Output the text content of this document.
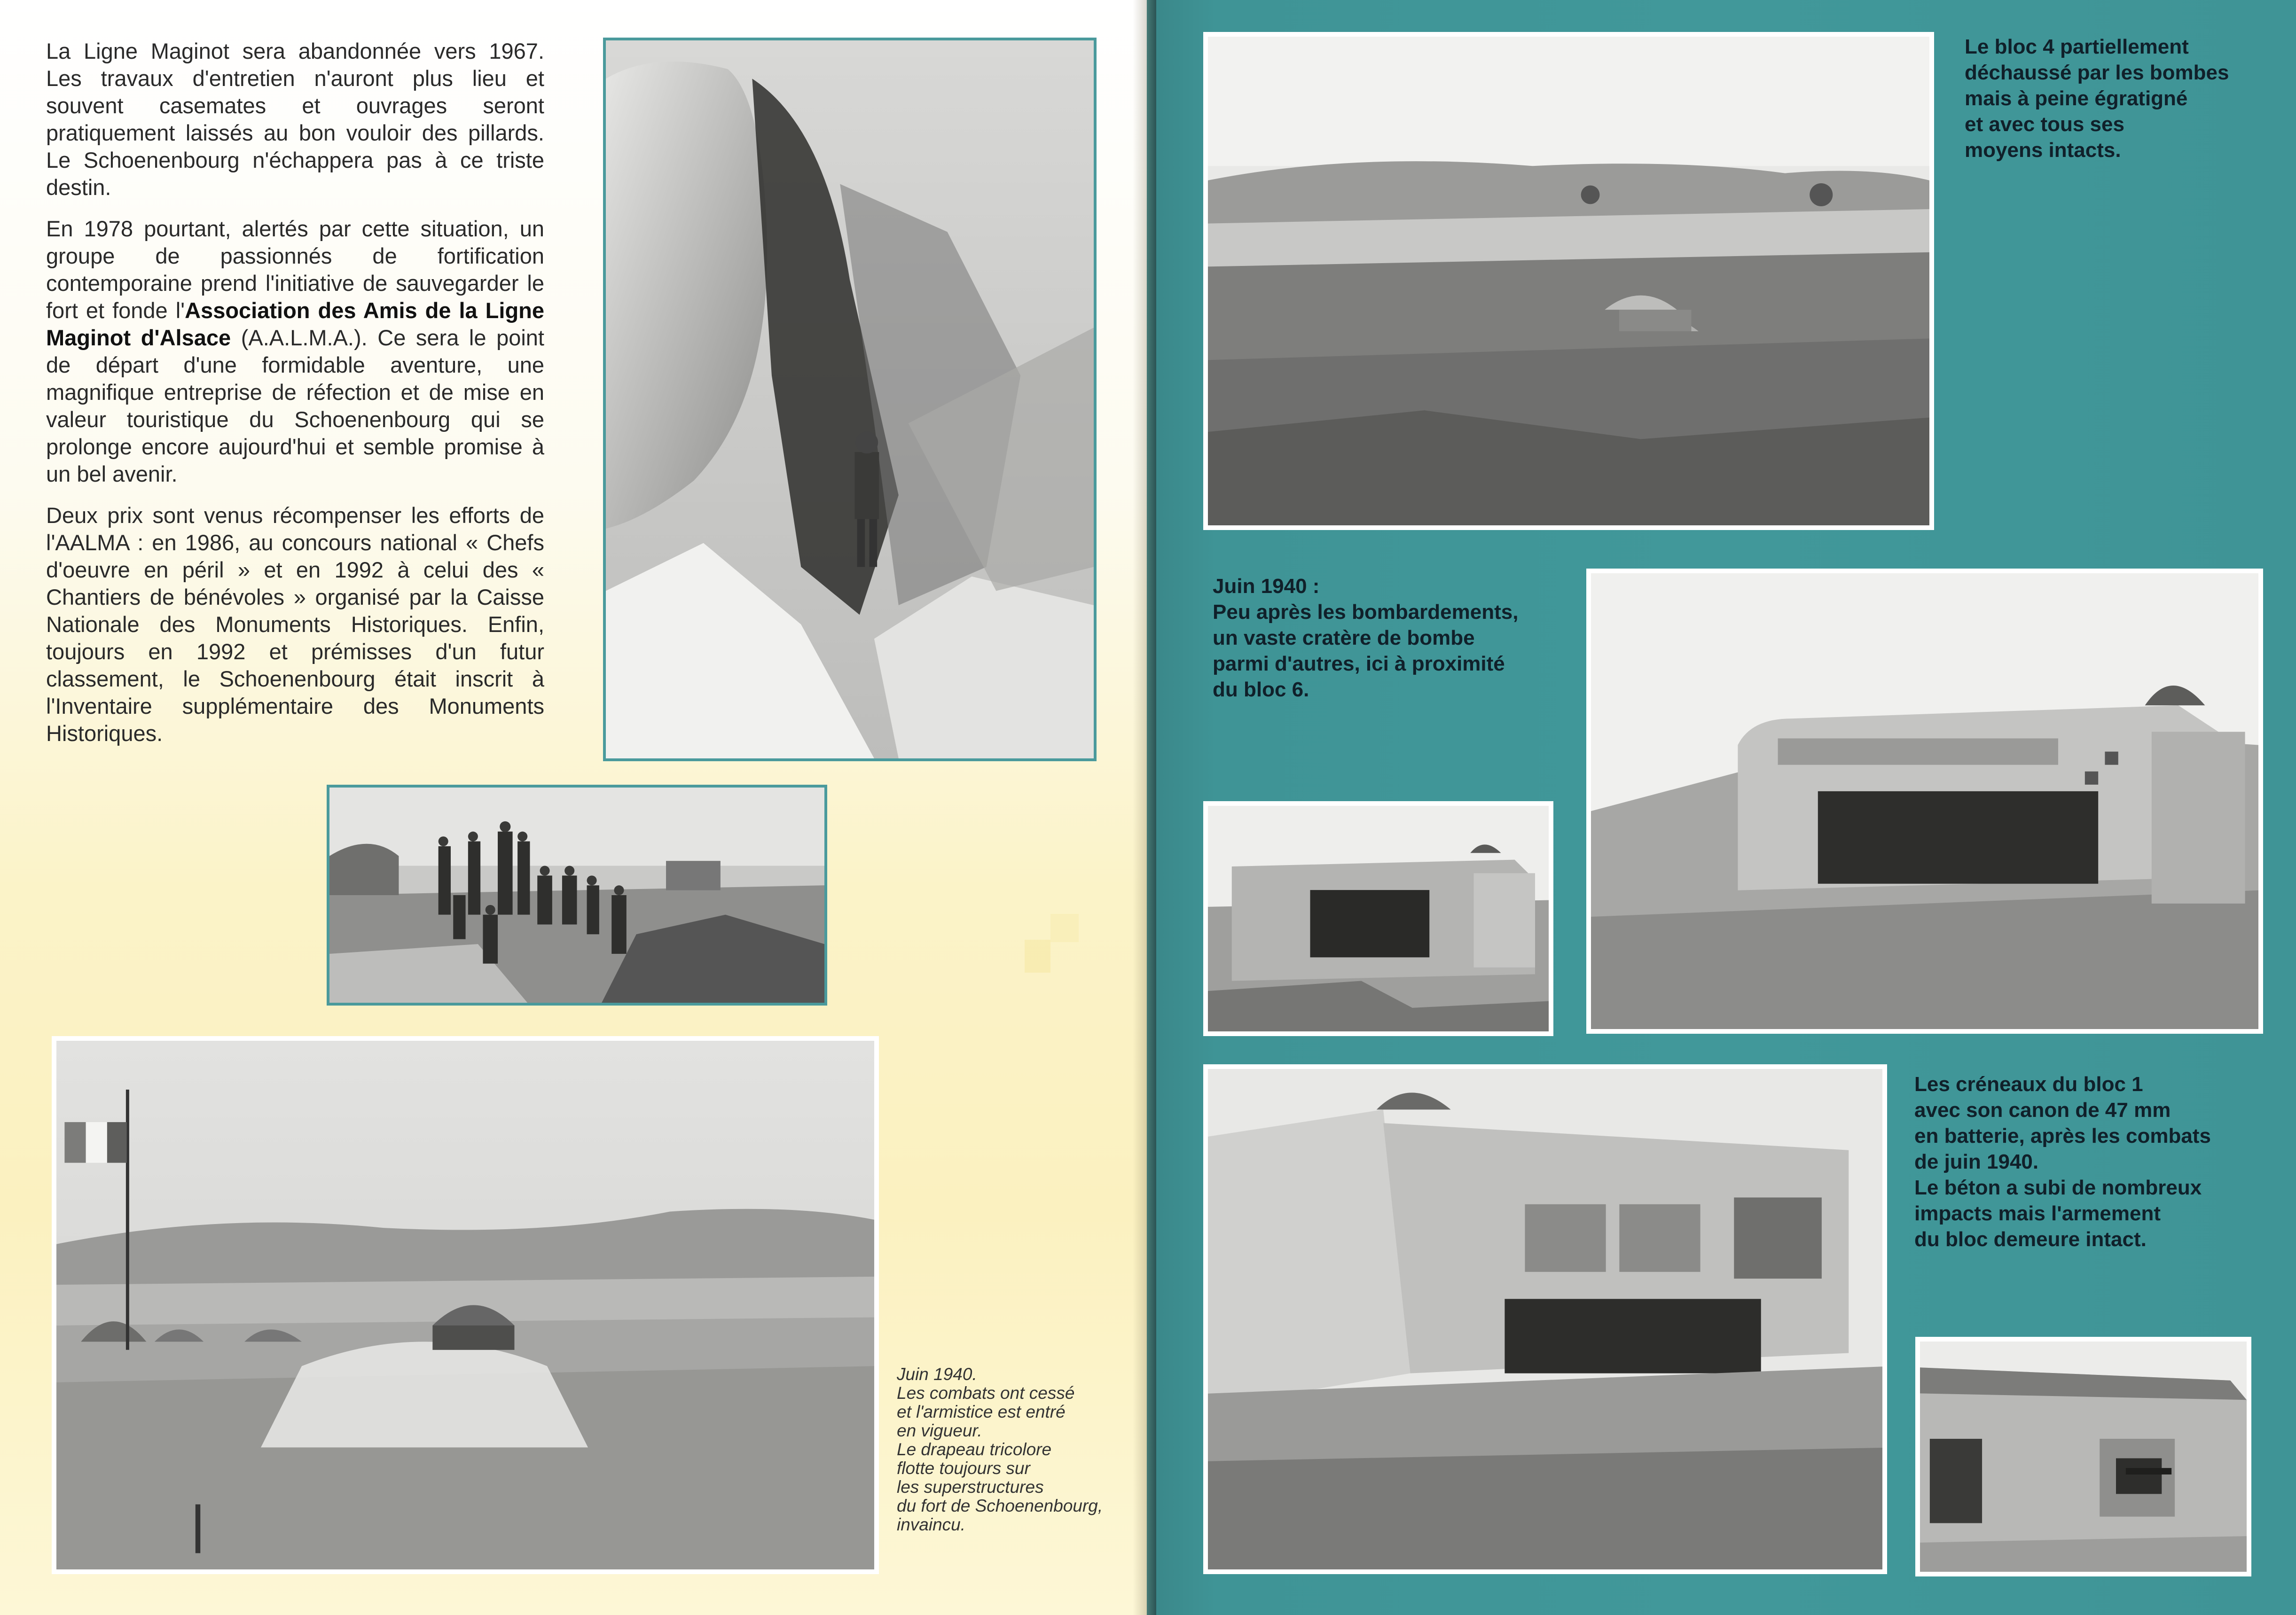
La Ligne Maginot sera abandonnée vers 1967. Les travaux d'entretien n'auront plus lieu et souvent casemates et ouvrages seront pratiquement laissés au bon vouloir des pillards. Le Schoenenbourg n'échappera pas à ce triste destin.

En 1978 pourtant, alertés par cette situation, un groupe de passionnés de fortification contemporaine prend l'initiative de sauvegarder le fort et fonde l'Association des Amis de la Ligne Maginot d'Alsace (A.A.L.M.A.). Ce sera le point de départ d'une formidable aventure, une magnifique entreprise de réfection et de mise en valeur touristique du Schoenenbourg qui se prolonge encore aujourd'hui et semble promise à un bel avenir.

Deux prix sont venus récompenser les efforts de l'AALMA : en 1986, au concours national « Chefs d'oeuvre en péril » et en 1992 à celui des « Chantiers de bénévoles » organisé par la Caisse Nationale des Monuments Historiques. Enfin, toujours en 1992 et prémisses d'un futur classement, le Schoenenbourg était inscrit à l'Inventaire supplémentaire des Monuments Historiques.

Juin 1940.
Les combats ont cessé
et l'armistice est entré
en vigueur.
Le drapeau tricolore
flotte toujours sur
les superstructures
du fort de Schoenenbourg,
invaincu.
Le bloc 4 partiellement
déchaussé par les bombes
mais à peine égratigné
et avec tous ses
moyens intacts.
Juin 1940 :
Peu après les bombardements,
un vaste cratère de bombe
parmi d'autres, ici à proximité
du bloc 6.
Les créneaux du bloc 1
avec son canon de 47 mm
en batterie, après les combats
de juin 1940.
Le béton a subi de nombreux
impacts mais l'armement
du bloc demeure intact.
